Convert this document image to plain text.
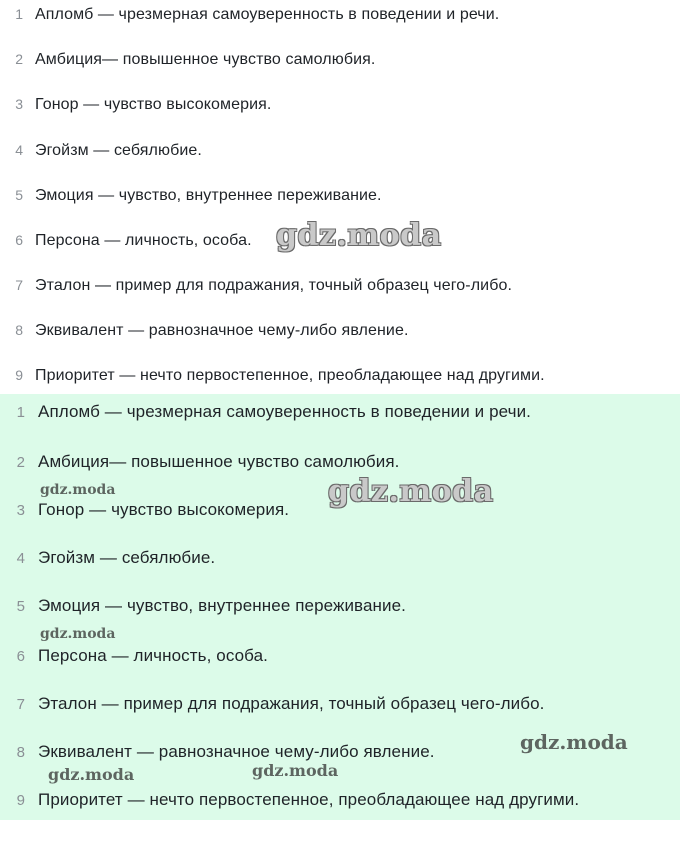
1 Апломб — чрезмерная самоуверенность в поведении и речи.
2 Амбиция— повышенное чувство самолюбия.
3 Гонор — чувство высокомерия.
4 Эгойзм — себялюбие.
5 Эмоция — чувство, внутреннее переживание.
6 Персона — личность, особа.
7 Эталон — пример для подражания, точный образец чего-либо.
8 Эквивалент — равнозначное чему-либо явление.
9 Приоритет — нечто первостепенное, преобладающее над другими.
gdz.moda
1 Апломб — чрезмерная самоуверенность в поведении и речи.
2 Амбиция— повышенное чувство самолюбия.
3 Гонор — чувство высокомерия.
4 Эгойзм — себялюбие.
5 Эмоция — чувство, внутреннее переживание.
6 Персона — личность, особа.
7 Эталон — пример для подражания, точный образец чего-либо.
8 Эквивалент — равнозначное чему-либо явление.
9 Приоритет — нечто первостепенное, преобладающее над другими.
gdz.moda
gdz.moda
gdz.moda
gdz.moda
gdz.moda	gdz.moda
